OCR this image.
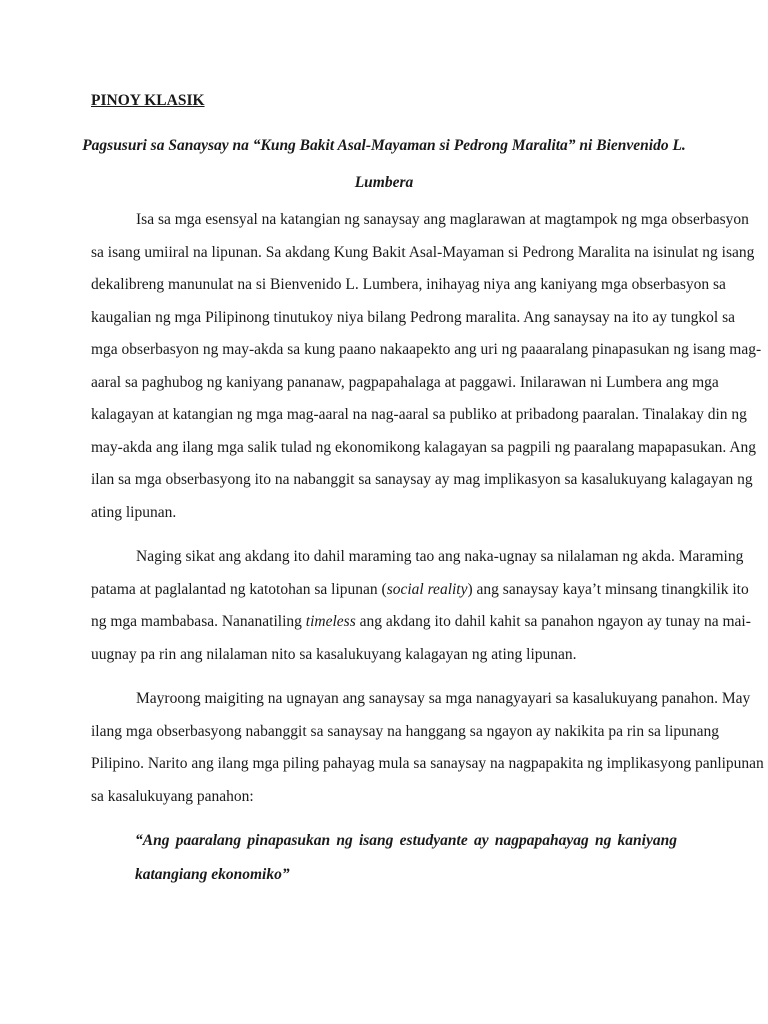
PINOY KLASIK
Pagsusuri sa Sanaysay na “Kung Bakit Asal-Mayaman si Pedrong Maralita” ni Bienvenido L.
Lumbera
Isa sa mga esensyal na katangian ng sanaysay ang maglarawan at magtampok ng mga obserbasyon
sa isang umiiral na lipunan. Sa akdang Kung Bakit Asal-Mayaman si Pedrong Maralita na isinulat ng isang
dekalibreng manunulat na si Bienvenido L. Lumbera, inihayag niya ang kaniyang mga obserbasyon sa
kaugalian ng mga Pilipinong tinutukoy niya bilang Pedrong maralita. Ang sanaysay na ito ay tungkol sa
mga obserbasyon ng may-akda sa kung paano nakaapekto ang uri ng paaaralang pinapasukan ng isang mag-
aaral sa paghubog ng kaniyang pananaw, pagpapahalaga at paggawi. Inilarawan ni Lumbera ang mga
kalagayan at katangian ng mga mag-aaral na nag-aaral sa publiko at pribadong paaralan. Tinalakay din ng
may-akda ang ilang mga salik tulad ng ekonomikong kalagayan sa pagpili ng paaralang mapapasukan. Ang
ilan sa mga obserbasyong ito na nabanggit sa sanaysay ay mag implikasyon sa kasalukuyang kalagayan ng
ating lipunan.
Naging sikat ang akdang ito dahil maraming tao ang naka-ugnay sa nilalaman ng akda. Maraming
patama at paglalantad ng katotohan sa lipunan (social reality) ang sanaysay kaya’t minsang tinangkilik ito
ng mga mambabasa. Nananatiling timeless ang akdang ito dahil kahit sa panahon ngayon ay tunay na mai-
uugnay pa rin ang nilalaman nito sa kasalukuyang kalagayan ng ating lipunan.
Mayroong maigiting na ugnayan ang sanaysay sa mga nanagyayari sa kasalukuyang panahon. May
ilang mga obserbasyong nabanggit sa sanaysay na hanggang sa ngayon ay nakikita pa rin sa lipunang
Pilipino. Narito ang ilang mga piling pahayag mula sa sanaysay na nagpapakita ng implikasyong panlipunan
sa kasalukuyang panahon:
“Ang paaralang pinapasukan ng isang estudyante ay nagpapahayag ng kaniyang
katangiang ekonomiko”
